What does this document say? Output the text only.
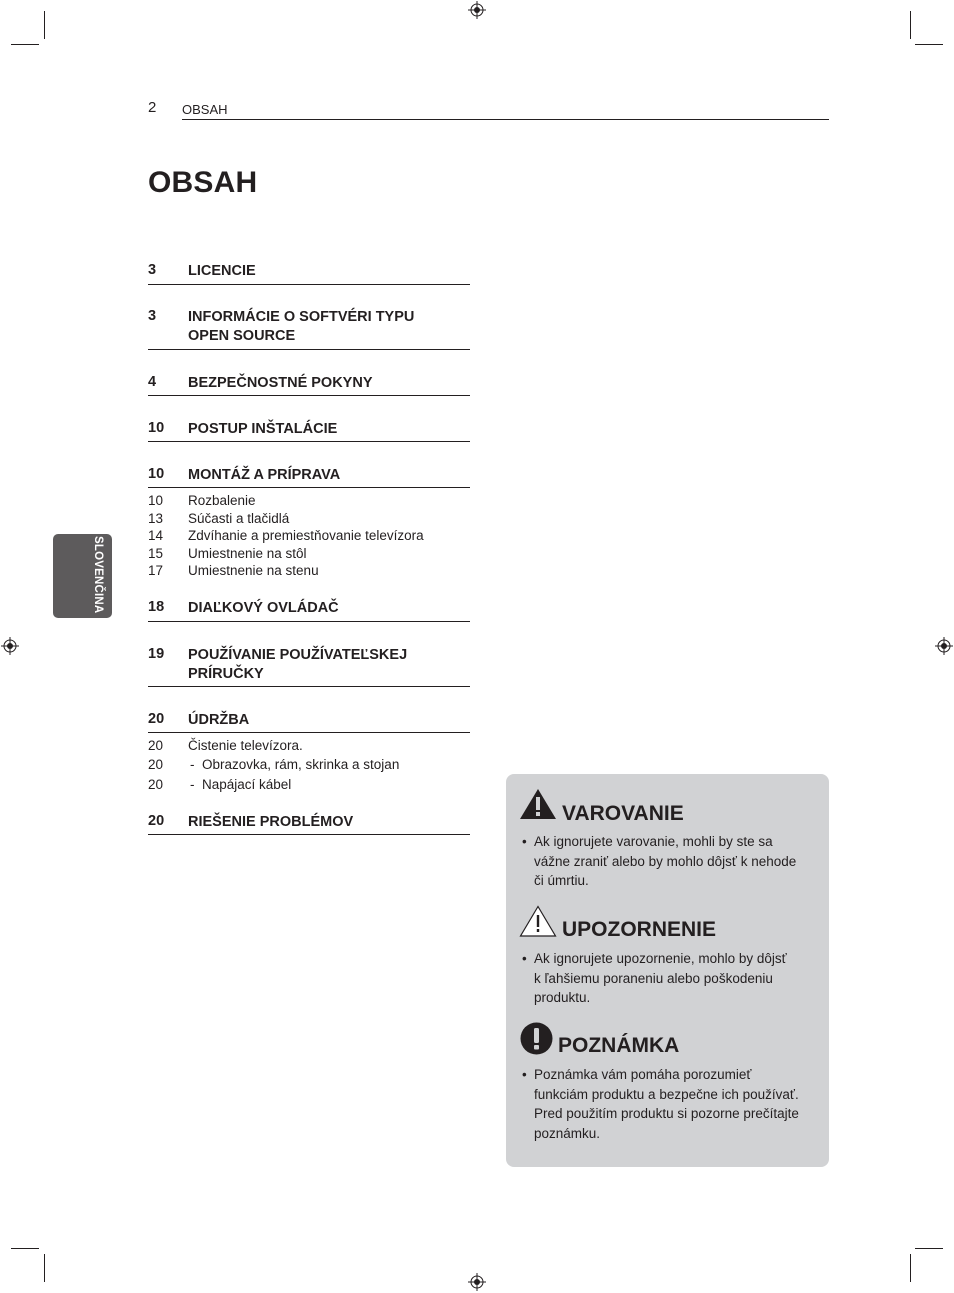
2 OBSAH
OBSAH
SLOVENČINA
3 LICENCIE
3 INFORMÁCIE O SOFTVÉRI TYPU
OPEN SOURCE
4 BEZPEČNOSTNÉ POKYNY
10 POSTUP INŠTALÁCIE
10 MONTÁŽ A PRÍPRAVA
10 Rozbalenie
13 Súčasti a tlačidlá
14 Zdvíhanie a premiestňovanie televízora
15 Umiestnenie na stôl
17 Umiestnenie na stenu
18 DIAĽKOVÝ OVLÁDAČ
19 POUŽÍVANIE POUŽÍVATEĽSKEJ
PRÍRUČKY
20 ÚDRŽBA
20 Čistenie televízora.
20 - Obrazovka, rám, skrinka a stojan
20 - Napájací kábel
20 RIEŠENIE PROBLÉMOV	VAROVANIE
• Ak ignorujete varovanie, mohli by ste sa
vážne zraniť alebo by mohlo dôjsť k nehode
či úmrtiu.
UPOZORNENIE
• Ak ignorujete upozornenie, mohlo by dôjsť
k ľahšiemu poraneniu alebo poškodeniu
produktu.
POZNÁMKA
• Poznámka vám pomáha porozumieť
funkciám produktu a bezpečne ich používať.
Pred použitím produktu si pozorne prečítajte
poznámku.
